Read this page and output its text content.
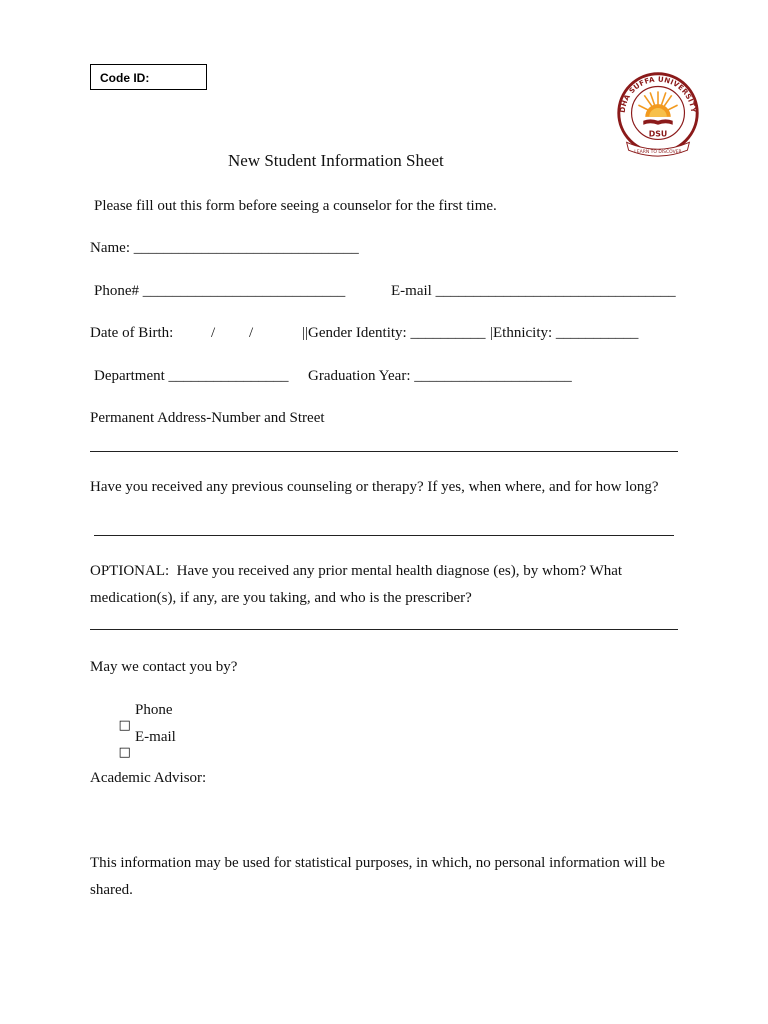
Code ID:
DHA SUFFA UNIVERSITY
DSU
LEARN TO DISCOVER
New Student Information Sheet
Please fill out this form before seeing a counselor for the first time.
Name: ______________________________
Phone# ___________________________	E-mail ________________________________
Date of Birth:	/ /	||Gender Identity: __________ |Ethnicity: ___________
Department ________________ Graduation Year: _____________________
Permanent Address-Number and Street
Have you received any previous counseling or therapy? If yes, when where, and for how long?
OPTIONAL:  Have you received any prior mental health diagnose (es), by whom? What
medication(s), if any, are you taking, and who is the prescriber?
May we contact you by?

□

Phone

□

E-mail
Academic Advisor:
This information may be used for statistical purposes, in which, no personal information will be
shared.
